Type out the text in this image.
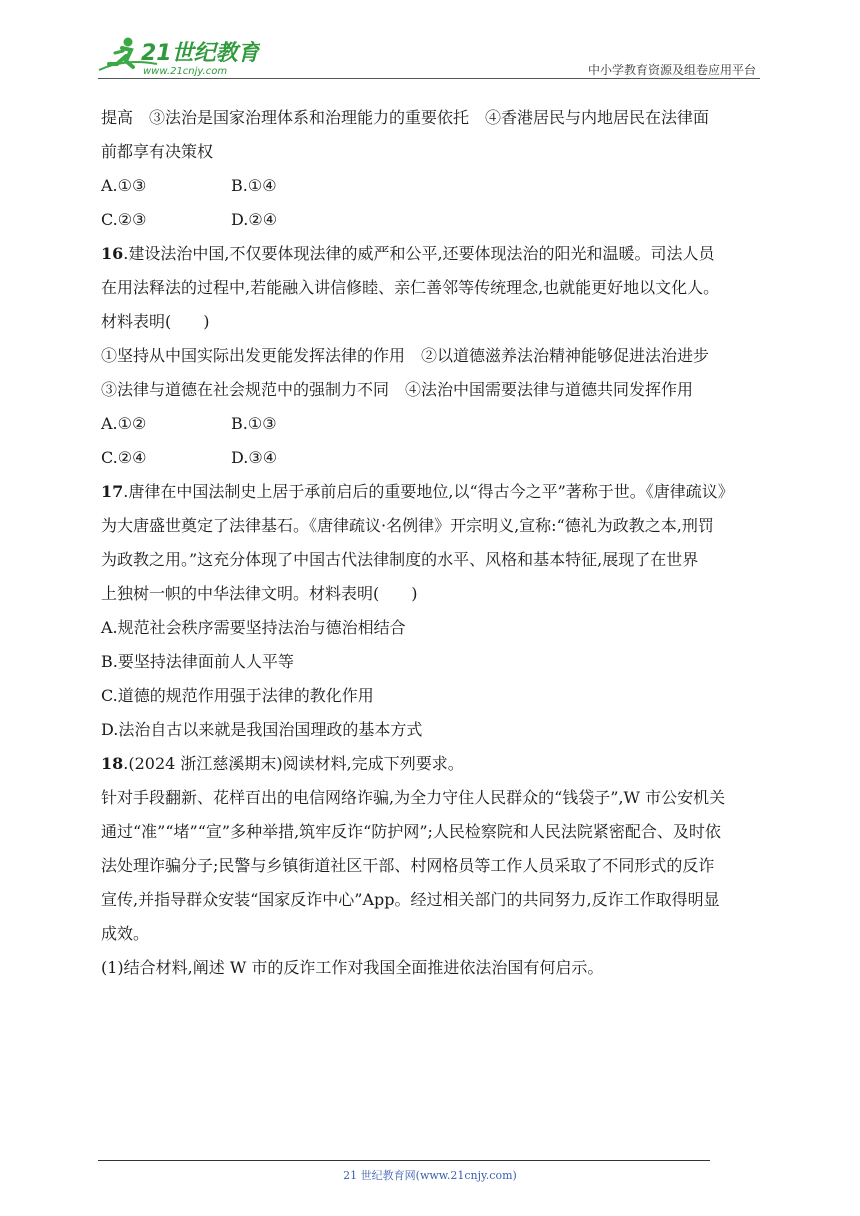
21世纪教育
www.21cnjy.com	中小学教育资源及组卷应用平台
提高　③法治是国家治理体系和治理能力的重要依托　④香港居民与内地居民在法律面
前都享有决策权
A.①③	B.①④
C.②③	D.②④
16.建设法治中国,不仅要体现法律的威严和公平,还要体现法治的阳光和温暖。司法人员
在用法释法的过程中,若能融入讲信修睦、亲仁善邻等传统理念,也就能更好地以文化人。
材料表明(　　)
①坚持从中国实际出发更能发挥法律的作用　②以道德滋养法治精神能够促进法治进步
③法律与道德在社会规范中的强制力不同　④法治中国需要法律与道德共同发挥作用
A.①②	B.①③
C.②④	D.③④
17.唐律在中国法制史上居于承前启后的重要地位,以“得古今之平”著称于世。《唐律疏议》
为大唐盛世奠定了法律基石。《唐律疏议·名例律》开宗明义,宣称:“德礼为政教之本,刑罚
为政教之用。”这充分体现了中国古代法律制度的水平、风格和基本特征,展现了在世界
上独树一帜的中华法律文明。材料表明(　　)
A.规范社会秩序需要坚持法治与德治相结合
B.要坚持法律面前人人平等
C.道德的规范作用强于法律的教化作用
D.法治自古以来就是我国治国理政的基本方式
18.(2024 浙江慈溪期末)阅读材料,完成下列要求。
针对手段翻新、花样百出的电信网络诈骗,为全力守住人民群众的“钱袋子”,W 市公安机关
通过“准”“堵”“宣”多种举措,筑牢反诈“防护网”;人民检察院和人民法院紧密配合、及时依
法处理诈骗分子;民警与乡镇街道社区干部、村网格员等工作人员采取了不同形式的反诈
宣传,并指导群众安装“国家反诈中心”App。经过相关部门的共同努力,反诈工作取得明显
成效。
(1)结合材料,阐述 W 市的反诈工作对我国全面推进依法治国有何启示。
21 世纪教育网(www.21cnjy.com)
